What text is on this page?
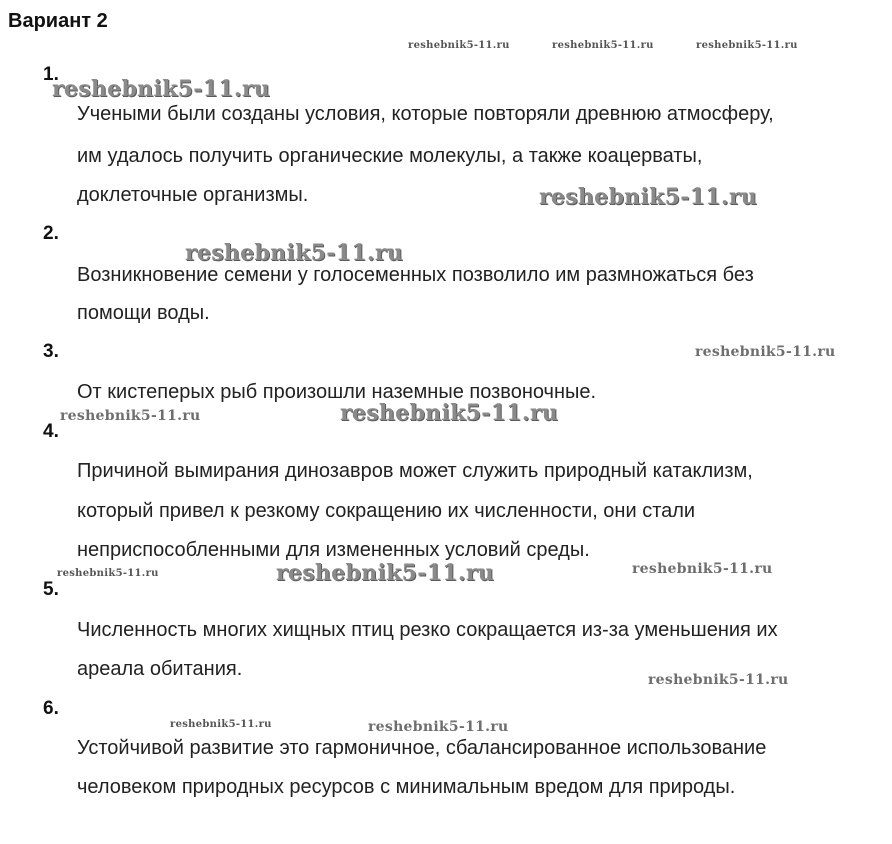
Вариант 2
1.
Учеными были созданы условия, которые повторяли древнюю атмосферу,
им удалось получить органические молекулы, а также коацерваты,
доклеточные организмы.
2.
Возникновение семени у голосеменных позволило им размножаться без
помощи воды.
3.
От кистеперых рыб произошли наземные позвоночные.
4.
Причиной вымирания динозавров может служить природный катаклизм,
который привел к резкому сокращению их численности, они стали
неприспособленными для измененных условий среды.
5.
Численность многих хищных птиц резко сокращается из-за уменьшения их
ареала обитания.
6.
Устойчивой развитие это гармоничное, сбалансированное использование
человеком природных ресурсов с минимальным вредом для природы.
reshebnik5-11.ru	reshebnik5-11.ru	reshebnik5-11.ru
reshebnik5-11.ru
reshebnik5-11.ru
reshebnik5-11.ru
reshebnik5-11.ru
reshebnik5-11.ru	reshebnik5-11.ru
reshebnik5-11.ru	reshebnik5-11.ru	reshebnik5-11.ru
reshebnik5-11.ru
reshebnik5-11.ru	reshebnik5-11.ru
